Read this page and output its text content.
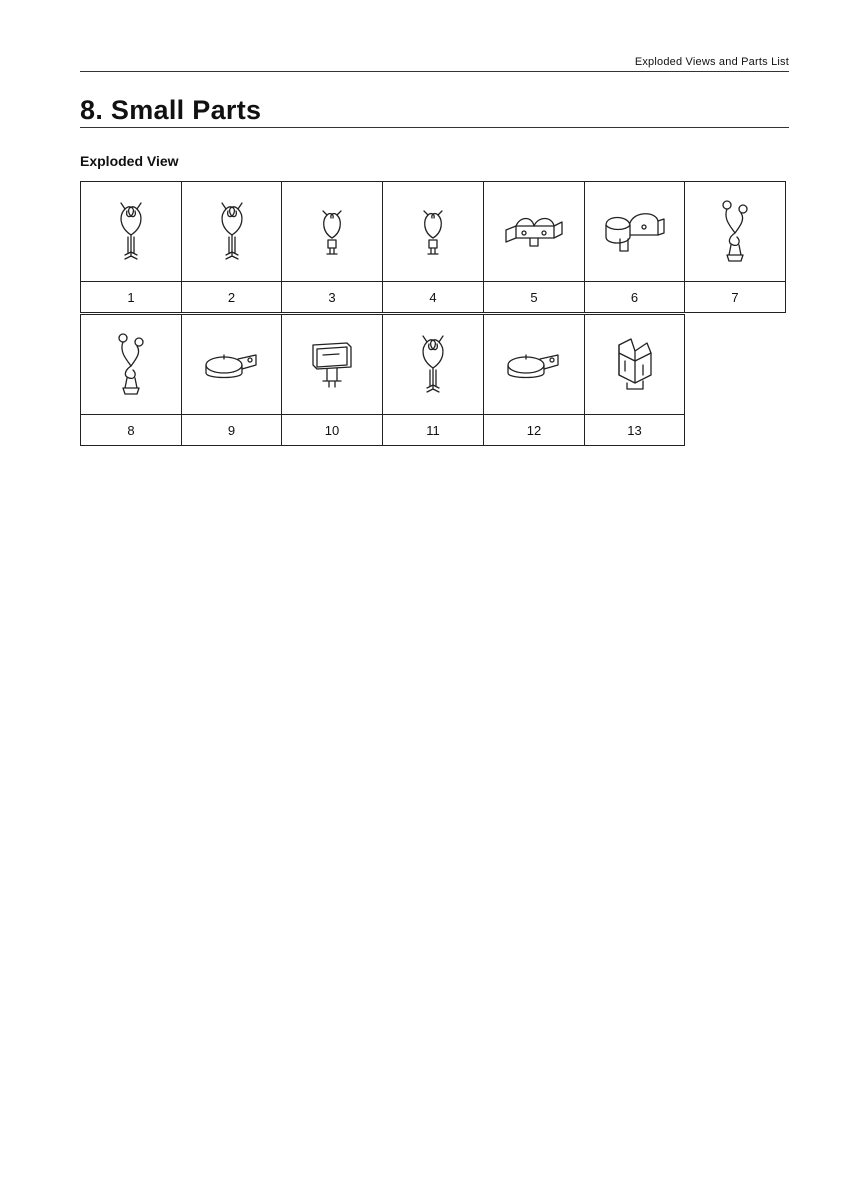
Exploded Views and Parts List
8. Small Parts
Exploded View
1	2	3	4	5	6	7
8	9	10	11	12	13
